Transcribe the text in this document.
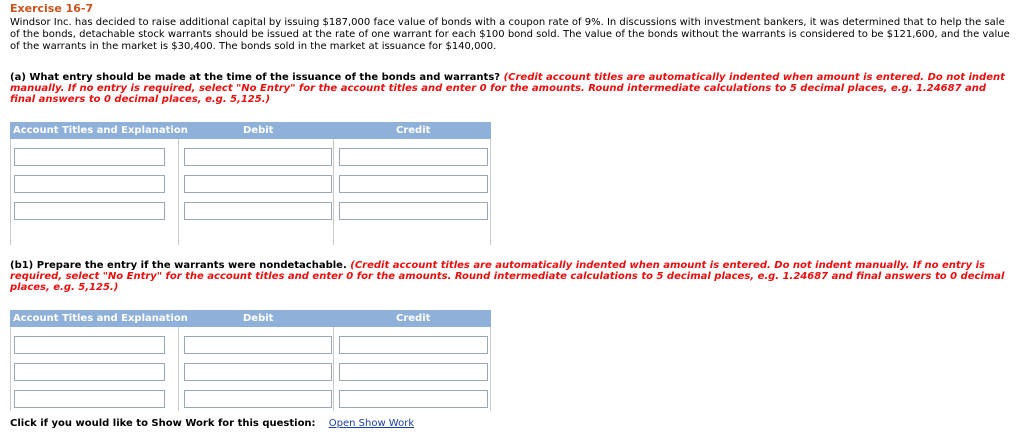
Exercise 16-7
Windsor Inc. has decided to raise additional capital by issuing $187,000 face value of bonds with a coupon rate of 9%. In discussions with investment bankers, it was determined that to help the sale of the bonds, detachable stock warrants should be issued at the rate of one warrant for each $100 bond sold. The value of the bonds without the warrants is considered to be $121,600, and the value of the warrants in the market is $30,400. The bonds sold in the market at issuance for $140,000.
(a) What entry should be made at the time of the issuance of the bonds and warrants? (Credit account titles are automatically indented when amount is entered. Do not indent manually. If no entry is required, select "No Entry" for the account titles and enter 0 for the amounts. Round intermediate calculations to 5 decimal places, e.g. 1.24687 and final answers to 0 decimal places, e.g. 5,125.)
Account Titles and Explanation	Debit	Credit
(b1) Prepare the entry if the warrants were nondetachable. (Credit account titles are automatically indented when amount is entered. Do not indent manually. If no entry is required, select "No Entry" for the account titles and enter 0 for the amounts. Round intermediate calculations to 5 decimal places, e.g. 1.24687 and final answers to 0 decimal places, e.g. 5,125.)
Account Titles and Explanation	Debit	Credit
Click if you would like to Show Work for this question: Open Show Work
